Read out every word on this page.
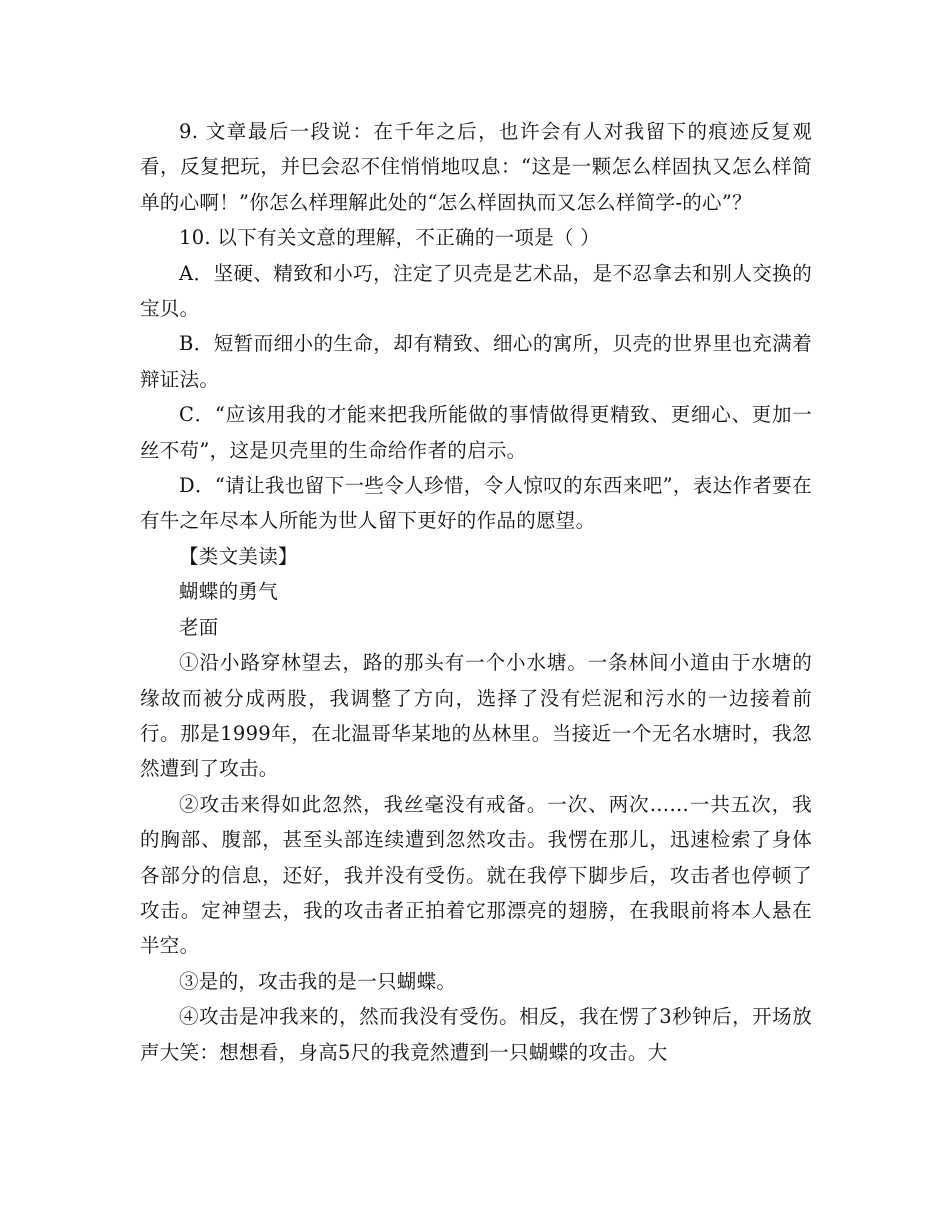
9. 文章最后一段说：在千年之后，也许会有人对我留下的痕迹反复观看，反复把玩，并巳会忍不住悄悄地叹息：“这是一颗怎么样固执又怎么样简单的心啊！”你怎么样理解此处的“怎么样固执而又怎么样简学-的心”？

10. 以下有关文意的理解，不正确的一项是（ ）

A．坚硬、精致和小巧，注定了贝壳是艺术品，是不忍拿去和别人交换的宝贝。

B．短暂而细小的生命，却有精致、细心的寓所，贝壳的世界里也充满着辩证法。

C．“应该用我的才能来把我所能做的事情做得更精致、更细心、更加一丝不苟”，这是贝壳里的生命给作者的启示。

D．“请让我也留下一些令人珍惜，令人惊叹的东西来吧”，表达作者要在有牛之年尽本人所能为世人留下更好的作品的愿望。

【类文美读】

蝴蝶的勇气

老面

①沿小路穿林望去，路的那头有一个小水塘。一条林间小道由于水塘的缘故而被分成两股，我调整了方向，选择了没有烂泥和污水的一边接着前行。那是1999年，在北温哥华某地的丛林里。当接近一个无名水塘时，我忽然遭到了攻击。

②攻击来得如此忽然，我丝毫没有戒备。一次、两次……一共五次，我的胸部、腹部，甚至头部连续遭到忽然攻击。我愣在那儿，迅速检索了身体各部分的信息，还好，我并没有受伤。就在我停下脚步后，攻击者也停顿了攻击。定神望去，我的攻击者正拍着它那漂亮的翅膀，在我眼前将本人悬在半空。

③是的，攻击我的是一只蝴蝶。

④攻击是冲我来的，然而我没有受伤。相反，我在愣了3秒钟后，开场放声大笑：想想看，身高5尺的我竟然遭到一只蝴蝶的攻击。大
